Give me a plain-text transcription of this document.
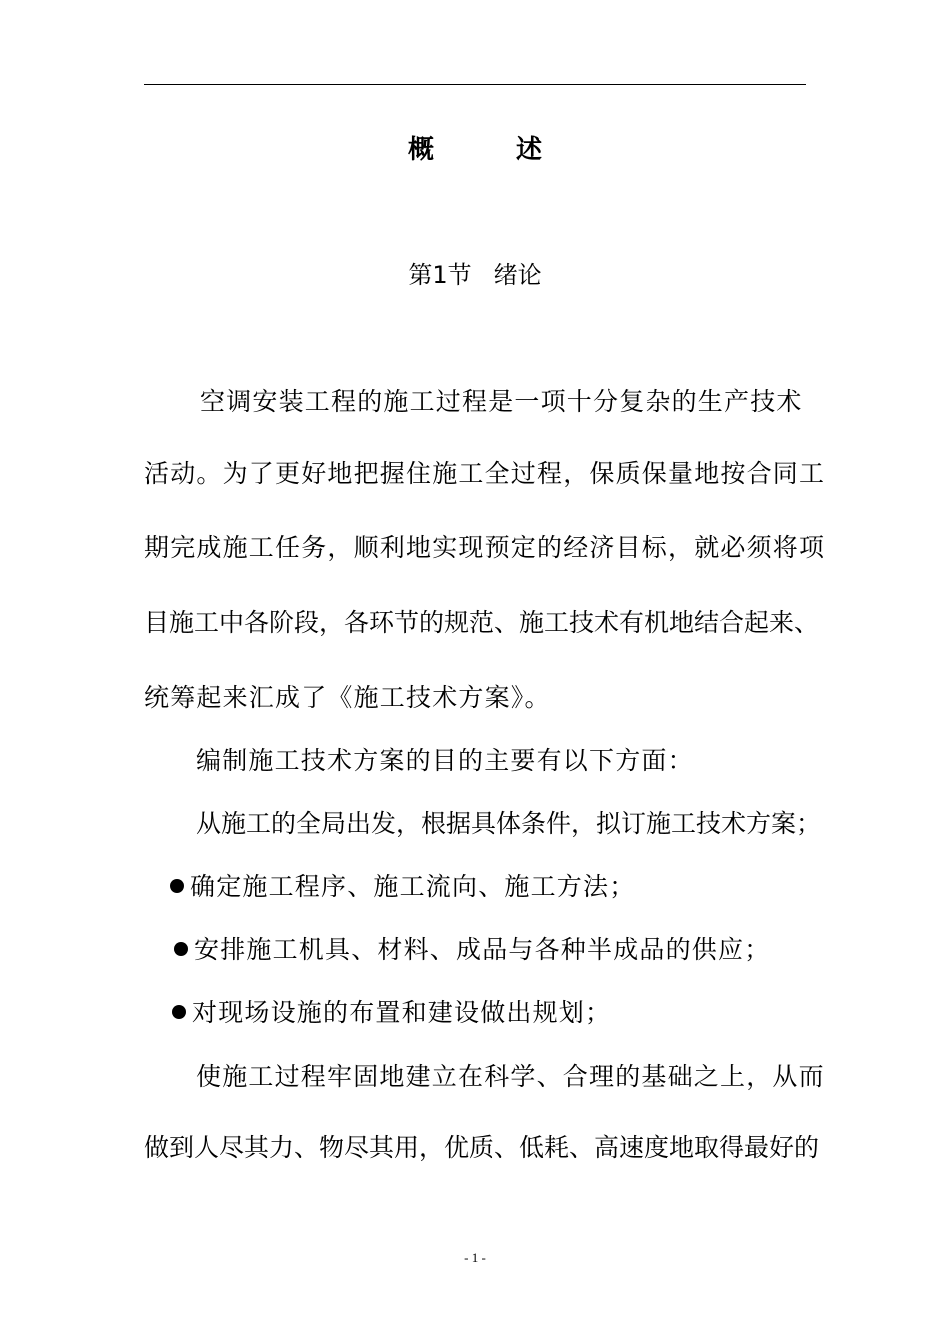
概　述
第1节 绪论
空调安装工程的施工过程是一项十分复杂的生产技术
活动。为了更好地把握住施工全过程，保质保量地按合同工
期完成施工任务，顺利地实现预定的经济目标，就必须将项
目施工中各阶段，各环节的规范、施工技术有机地结合起来、
统筹起来汇成了《施工技术方案》。
编制施工技术方案的目的主要有以下方面：
从施工的全局出发，根据具体条件，拟订施工技术方案；
确定施工程序、施工流向、施工方法；
安排施工机具、材料、成品与各种半成品的供应；
对现场设施的布置和建设做出规划；
使施工过程牢固地建立在科学、合理的基础之上，从而
做到人尽其力、物尽其用，优质、低耗、高速度地取得最好的
- 1 -
